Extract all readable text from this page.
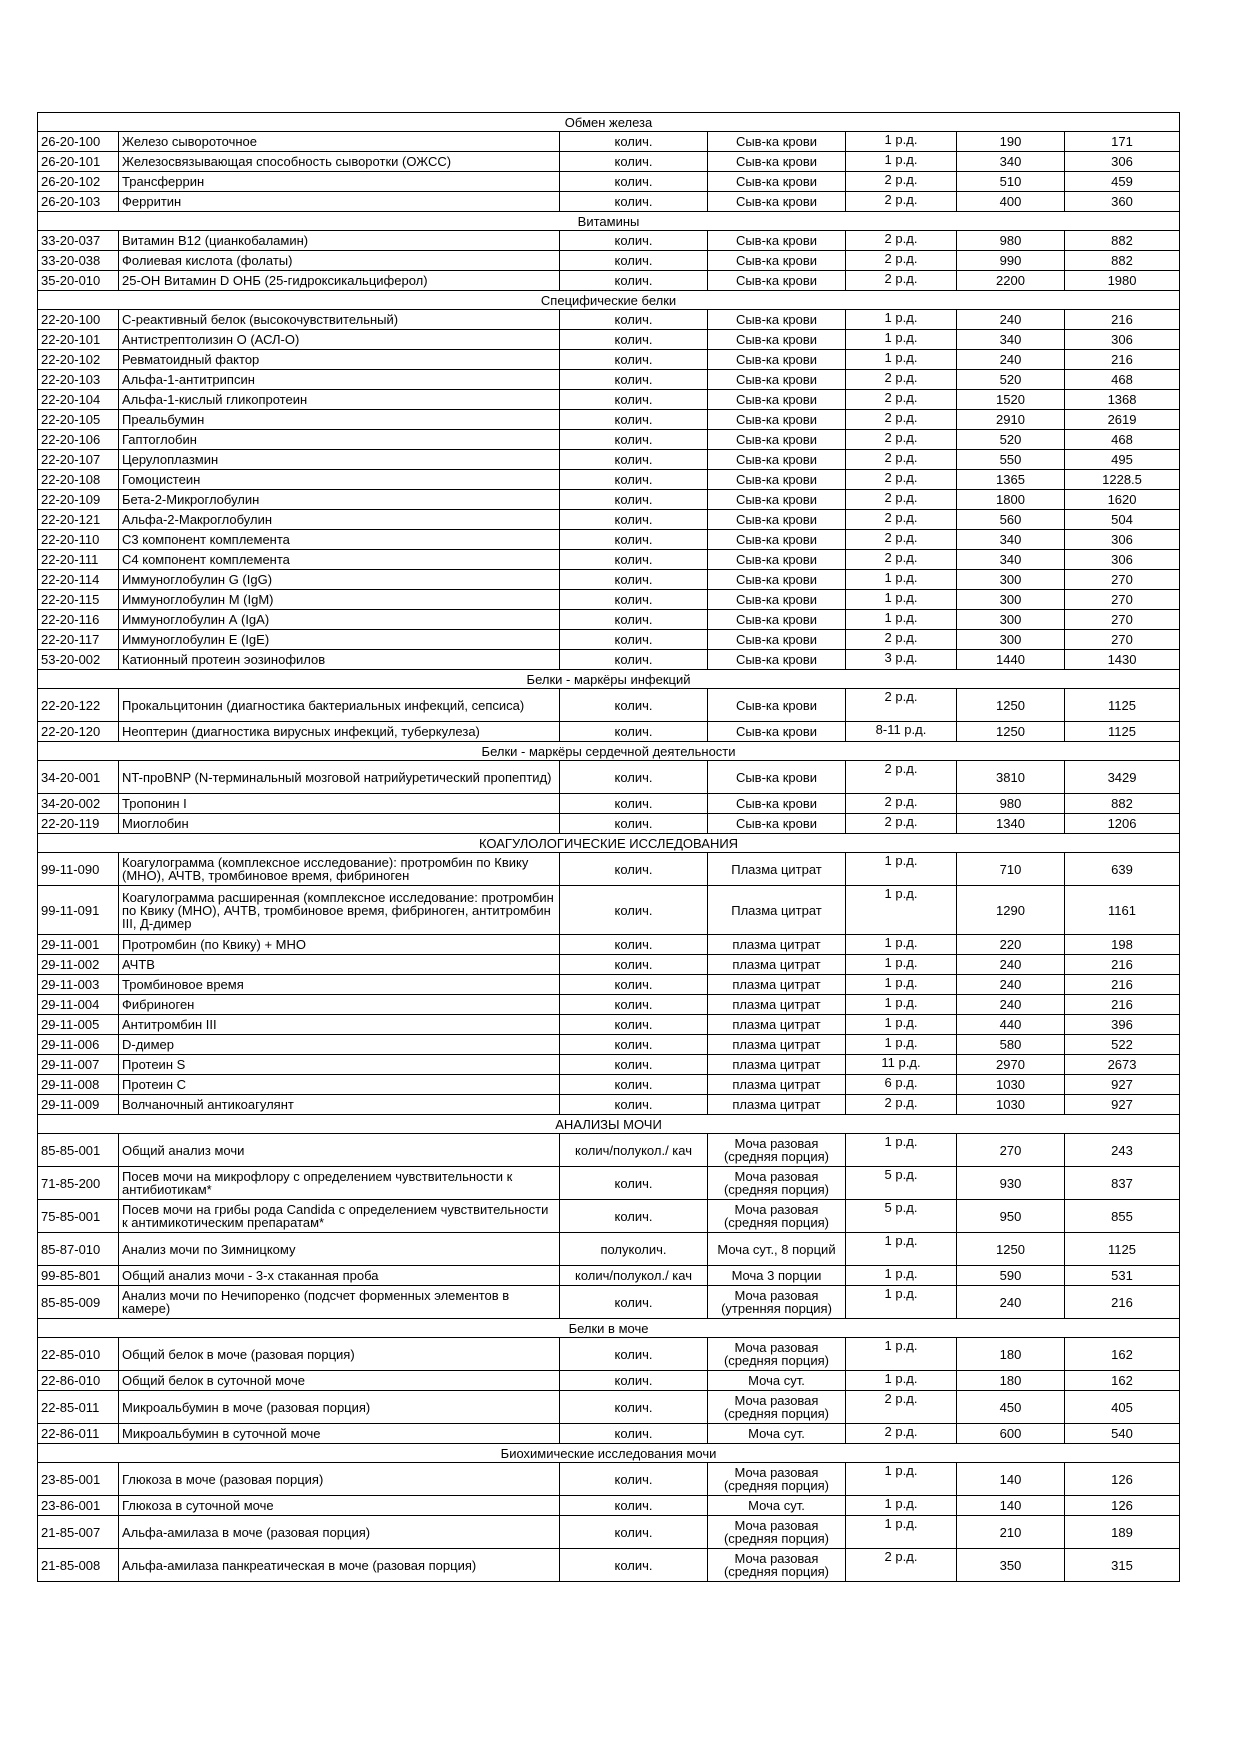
Обмен железа						
26-20-100	Железо сывороточное	колич.	Сыв-ка крови	1 р.д.	190	171
26-20-101	Железосвязывающая способность сыворотки (ОЖСС)	колич.	Сыв-ка крови	1 р.д.	340	306
26-20-102	Трансферрин	колич.	Сыв-ка крови	2 р.д.	510	459
26-20-103	Ферритин	колич.	Сыв-ка крови	2 р.д.	400	360
Витамины						
33-20-037	Витамин В12 (цианкобаламин)	колич.	Сыв-ка крови	2 р.д.	980	882
33-20-038	Фолиевая кислота (фолаты)	колич.	Сыв-ка крови	2 р.д.	990	882
35-20-010	25-ОН Витамин D ОНБ (25-гидроксикальциферол)	колич.	Сыв-ка крови	2 р.д.	2200	1980
Специфические белки						
22-20-100	С-реактивный белок (высокочувствительный)	колич.	Сыв-ка крови	1 р.д.	240	216
22-20-101	Антистрептолизин О (АСЛ-О)	колич.	Сыв-ка крови	1 р.д.	340	306
22-20-102	Ревматоидный фактор	колич.	Сыв-ка крови	1 р.д.	240	216
22-20-103	Альфа-1-антитрипсин	колич.	Сыв-ка крови	2 р.д.	520	468
22-20-104	Альфа-1-кислый гликопротеин	колич.	Сыв-ка крови	2 р.д.	1520	1368
22-20-105	Преальбумин	колич.	Сыв-ка крови	2 р.д.	2910	2619
22-20-106	Гаптоглобин	колич.	Сыв-ка крови	2 р.д.	520	468
22-20-107	Церулоплазмин	колич.	Сыв-ка крови	2 р.д.	550	495
22-20-108	Гомоцистеин	колич.	Сыв-ка крови	2 р.д.	1365	1228.5
22-20-109	Бета-2-Микроглобулин	колич.	Сыв-ка крови	2 р.д.	1800	1620
22-20-121	Альфа-2-Макроглобулин	колич.	Сыв-ка крови	2 р.д.	560	504
22-20-110	С3 компонент комплемента	колич.	Сыв-ка крови	2 р.д.	340	306
22-20-111	С4 компонент комплемента	колич.	Сыв-ка крови	2 р.д.	340	306
22-20-114	Иммуноглобулин G (IgG)	колич.	Сыв-ка крови	1 р.д.	300	270
22-20-115	Иммуноглобулин М (IgM)	колич.	Сыв-ка крови	1 р.д.	300	270
22-20-116	Иммуноглобулин А (IgA)	колич.	Сыв-ка крови	1 р.д.	300	270
22-20-117	Иммуноглобулин Е (IgE)	колич.	Сыв-ка крови	2 р.д.	300	270
53-20-002	Катионный протеин эозинофилов	колич.	Сыв-ка крови	3 р.д.	1440	1430
Белки - маркёры инфекций						
22-20-122	Прокальцитонин (диагностика бактериальных инфекций, сепсиса)	колич.	Сыв-ка крови	2 р.д.	1250	1125
22-20-120	Неоптерин (диагностика вирусных инфекций, туберкулеза)	колич.	Сыв-ка крови	8-11 р.д.	1250	1125
Белки - маркёры сердечной деятельности						
34-20-001	NT-проBNP (N-терминальный мозговой натрийуретический пропептид)	колич.	Сыв-ка крови	2 р.д.	3810	3429
34-20-002	Тропонин I	колич.	Сыв-ка крови	2 р.д.	980	882
22-20-119	Миоглобин	колич.	Сыв-ка крови	2 р.д.	1340	1206
КОАГУЛОЛОГИЧЕСКИЕ ИССЛЕДОВАНИЯ						
99-11-090	Коагулограмма (комплексное исследование): протромбин по Квику (МНО), АЧТВ, тромбиновое время, фибриноген	колич.	Плазма цитрат	1 р.д.	710	639
99-11-091	Коагулограмма расширенная (комплексное исследование: протромбин по Квику (МНО), АЧТВ, тромбиновое время, фибриноген, антитромбин III, Д-димер	колич.	Плазма цитрат	1 р.д.	1290	1161
29-11-001	Протромбин (по Квику) + МНО	колич.	плазма цитрат	1 р.д.	220	198
29-11-002	АЧТВ	колич.	плазма цитрат	1 р.д.	240	216
29-11-003	Тромбиновое время	колич.	плазма цитрат	1 р.д.	240	216
29-11-004	Фибриноген	колич.	плазма цитрат	1 р.д.	240	216
29-11-005	Антитромбин III	колич.	плазма цитрат	1 р.д.	440	396
29-11-006	D-димер	колич.	плазма цитрат	1 р.д.	580	522
29-11-007	Протеин S	колич.	плазма цитрат	11 р.д.	2970	2673
29-11-008	Протеин С	колич.	плазма цитрат	6 р.д.	1030	927
29-11-009	Волчаночный антикоагулянт	колич.	плазма цитрат	2 р.д.	1030	927
АНАЛИЗЫ МОЧИ						
85-85-001	Общий анализ мочи	колич/полукол./ кач	Моча разовая (средняя порция)	1 р.д.	270	243
71-85-200	Посев мочи на микрофлору с определением чувствительности к антибиотикам*	колич.	Моча разовая (средняя порция)	5 р.д.	930	837
75-85-001	Посев мочи на грибы рода Candida с определением чувствительности к антимикотическим препаратам*	колич.	Моча разовая (средняя порция)	5 р.д.	950	855
85-87-010	Анализ мочи по Зимницкому	полуколич.	Моча сут., 8 порций	1 р.д.	1250	1125
99-85-801	Общий анализ мочи - 3-х стаканная проба	колич/полукол./ кач	Моча 3 порции	1 р.д.	590	531
85-85-009	Анализ мочи по Нечипоренко (подсчет форменных элементов в камере)	колич.	Моча разовая (утренняя порция)	1 р.д.	240	216
Белки в моче						
22-85-010	Общий белок в моче (разовая порция)	колич.	Моча разовая (средняя порция)	1 р.д.	180	162
22-86-010	Общий белок в суточной моче	колич.	Моча сут.	1 р.д.	180	162
22-85-011	Микроальбумин в моче (разовая порция)	колич.	Моча разовая (средняя порция)	2 р.д.	450	405
22-86-011	Микроальбумин в суточной моче	колич.	Моча сут.	2 р.д.	600	540
Биохимические исследования мочи						
23-85-001	Глюкоза в моче (разовая порция)	колич.	Моча разовая (средняя порция)	1 р.д.	140	126
23-86-001	Глюкоза в суточной моче	колич.	Моча сут.	1 р.д.	140	126
21-85-007	Альфа-амилаза в моче (разовая порция)	колич.	Моча разовая (средняя порция)	1 р.д.	210	189
21-85-008	Альфа-амилаза панкреатическая в моче (разовая порция)	колич.	Моча разовая (средняя порция)	2 р.д.	350	315
